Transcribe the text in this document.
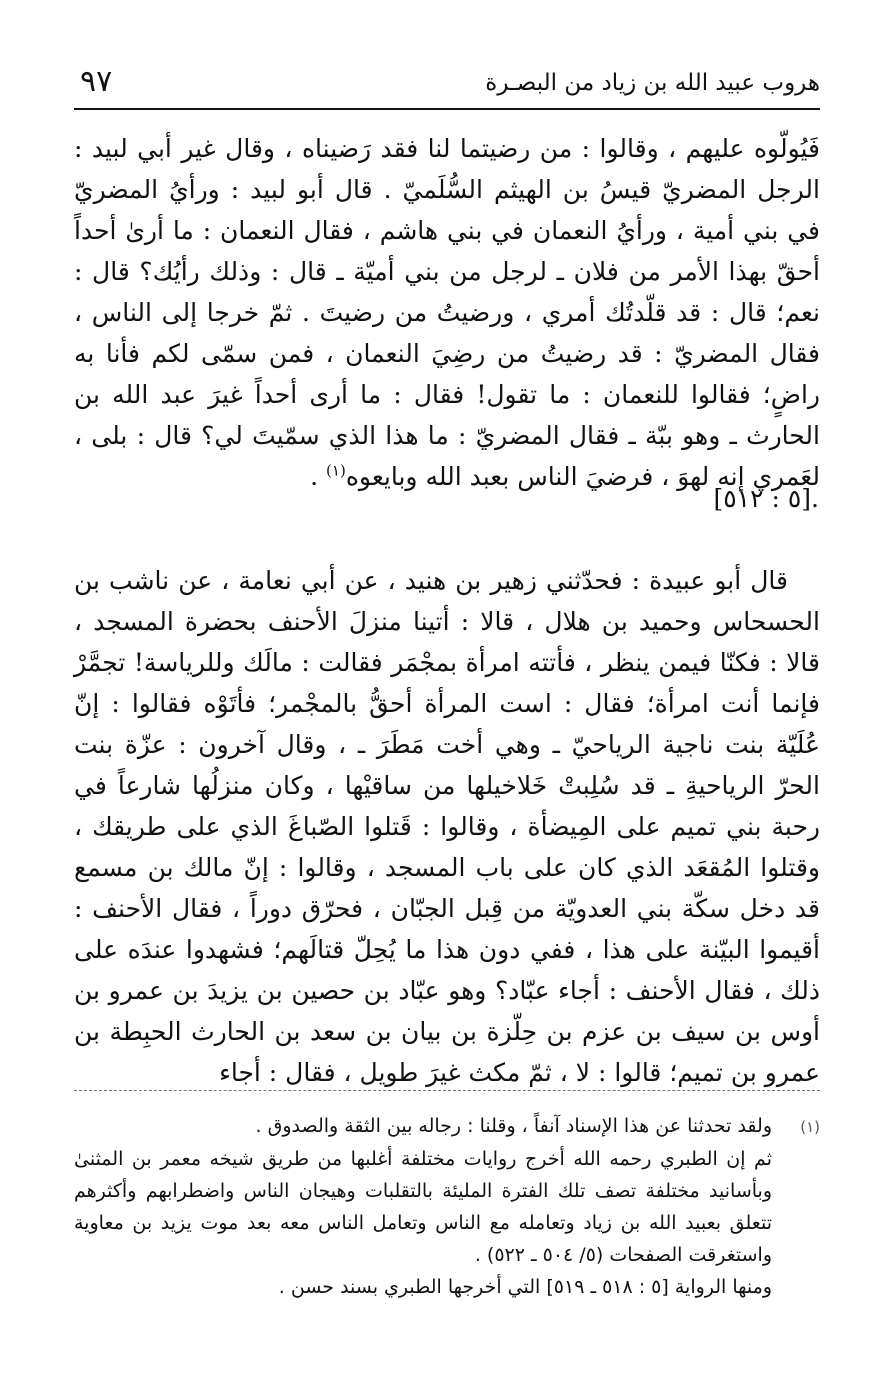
هروب عبيد الله بن زياد من البصـرة
٩٧

فَيُولّوه عليهم ، وقالوا : من رضيتما لنا فقد رَضيناه ، وقال غير أبي لبيد : الرجل المضريّ قيسُ بن الهيثم السُّلَميّ . قال أبو لبيد : ورأيُ المضريّ في بني أمية ، ورأيُ النعمان في بني هاشم ، فقال النعمان : ما أرىٰ أحداً أحقّ بهذا الأمر من فلان ـ لرجل من بني أميّة ـ قال : وذلك رأيُك؟ قال : نعم؛ قال : قد قلّدتُك أمري ، ورضيتُ من رضيتَ . ثمّ خرجا إلى الناس ، فقال المضريّ : قد رضيتُ من رضِيَ النعمان ، فمن سمّى لكم فأنا به راضٍ؛ فقالوا للنعمان : ما تقول! فقال : ما أرى أحداً غيرَ عبد الله بن الحارث ـ وهو ببّة ـ فقال المضريّ : ما هذا الذي سمّيتَ لي؟ قال : بلى ، لعَمري إنه لهوَ ، فرضيَ الناس بعبد الله وبايعوه$^{(١)}$ .

.[٥ : ٥١٢]

قال أبو عبيدة : فحدّثني زهير بن هنيد ، عن أبي نعامة ، عن ناشب بن الحسحاس وحميد بن هلال ، قالا : أتينا منزلَ الأحنف بحضرة المسجد ، قالا : فكنّا فيمن ينظر ، فأتته امرأة بمجْمَر فقالت : مالَك وللرياسة! تجمَّرْ فإنما أنت امرأة؛ فقال : است المرأة أحقُّ بالمجْمر؛ فأتَوْه فقالوا : إنّ عُلَيّة بنت ناجية الرياحيّ ـ وهي أخت مَطَرَ ـ ، وقال آخرون : عزّة بنت الحرّ الرياحيةِ ـ قد سُلِبتْ خَلاخيلها من ساقيْها ، وكان منزلُها شارعاً في رحبة بني تميم على المِيضأة ، وقالوا : قَتلوا الصّباغَ الذي على طريقك ، وقتلوا المُقعَد الذي كان على باب المسجد ، وقالوا : إنّ مالك بن مسمع قد دخل سكّة بني العدويّة من قِبل الجبّان ، فحرّق دوراً ، فقال الأحنف : أقيموا البيّنة على هذا ، ففي دون هذا ما يُحِلّ قتالَهم؛ فشهدوا عندَه على ذلك ، فقال الأحنف : أجاء عبّاد؟ وهو عبّاد بن حصين بن يزيدَ بن عمرو بن أوس بن سيف بن عزم بن حِلّزة بن بيان بن سعد بن الحارث الحبِطة بن عمرو بن تميم؛ قالوا : لا ، ثمّ مكث غيرَ طويل ، فقال : أجاء

(١)ولقد تحدثنا عن هذا الإسناد آنفاً ، وقلنا : رجاله بين الثقة والصدوق .
ثم إن الطبري رحمه الله أخرج روايات مختلفة أغلبها من طريق شيخه معمر بن المثنىٰ وبأسانيد مختلفة تصف تلك الفترة المليئة بالتقلبات وهيجان الناس واضطرابهم وأكثرهم تتعلق بعبيد الله بن زياد وتعامله مع الناس وتعامل الناس معه بعد موت يزيد بن معاوية واستغرقت الصفحات (٥/ ٥٠٤ ـ ٥٢٢) .
ومنها الرواية [٥ : ٥١٨ ـ ٥١٩] التي أخرجها الطبري بسند حسن .
